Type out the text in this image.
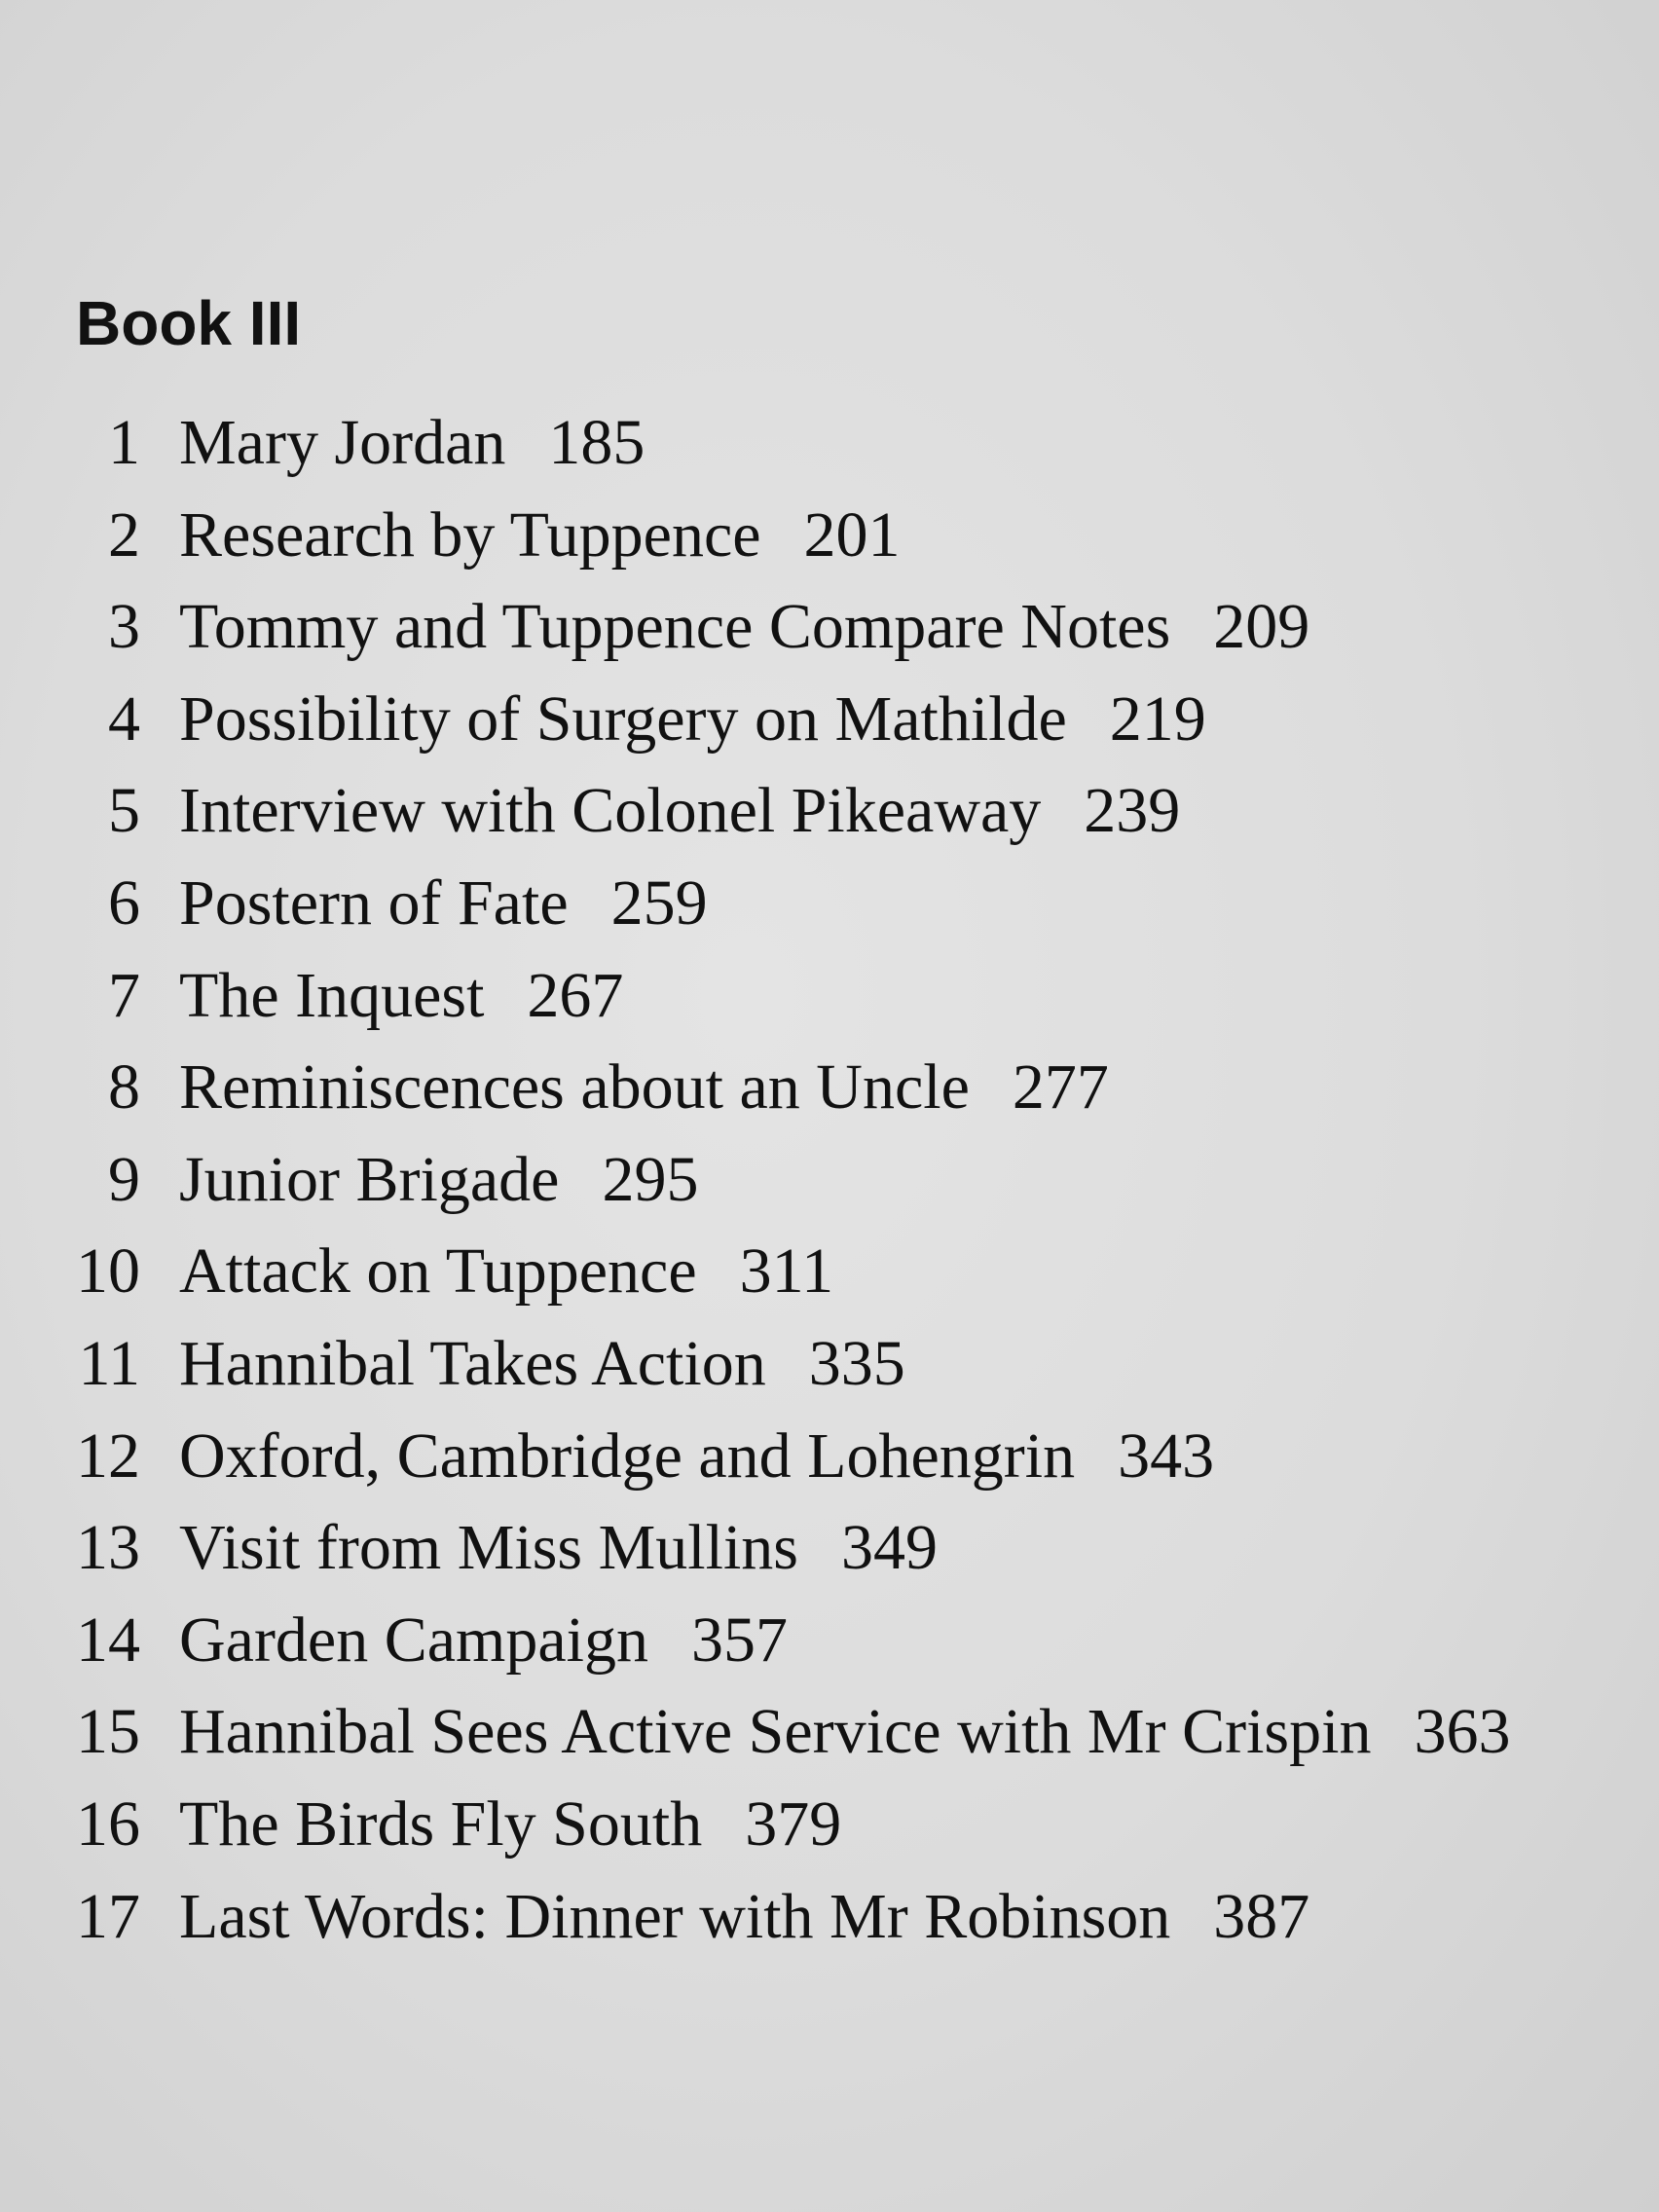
Book III
1 Mary Jordan 185
2 Research by Tuppence 201
3 Tommy and Tuppence Compare Notes 209
4 Possibility of Surgery on Mathilde 219
5 Interview with Colonel Pikeaway 239
6 Postern of Fate 259
7 The Inquest 267
8 Reminiscences about an Uncle 277
9 Junior Brigade 295
10 Attack on Tuppence 311
11 Hannibal Takes Action 335
12 Oxford, Cambridge and Lohengrin 343
13 Visit from Miss Mullins 349
14 Garden Campaign 357
15 Hannibal Sees Active Service with Mr Crispin 363
16 The Birds Fly South 379
17 Last Words: Dinner with Mr Robinson 387
